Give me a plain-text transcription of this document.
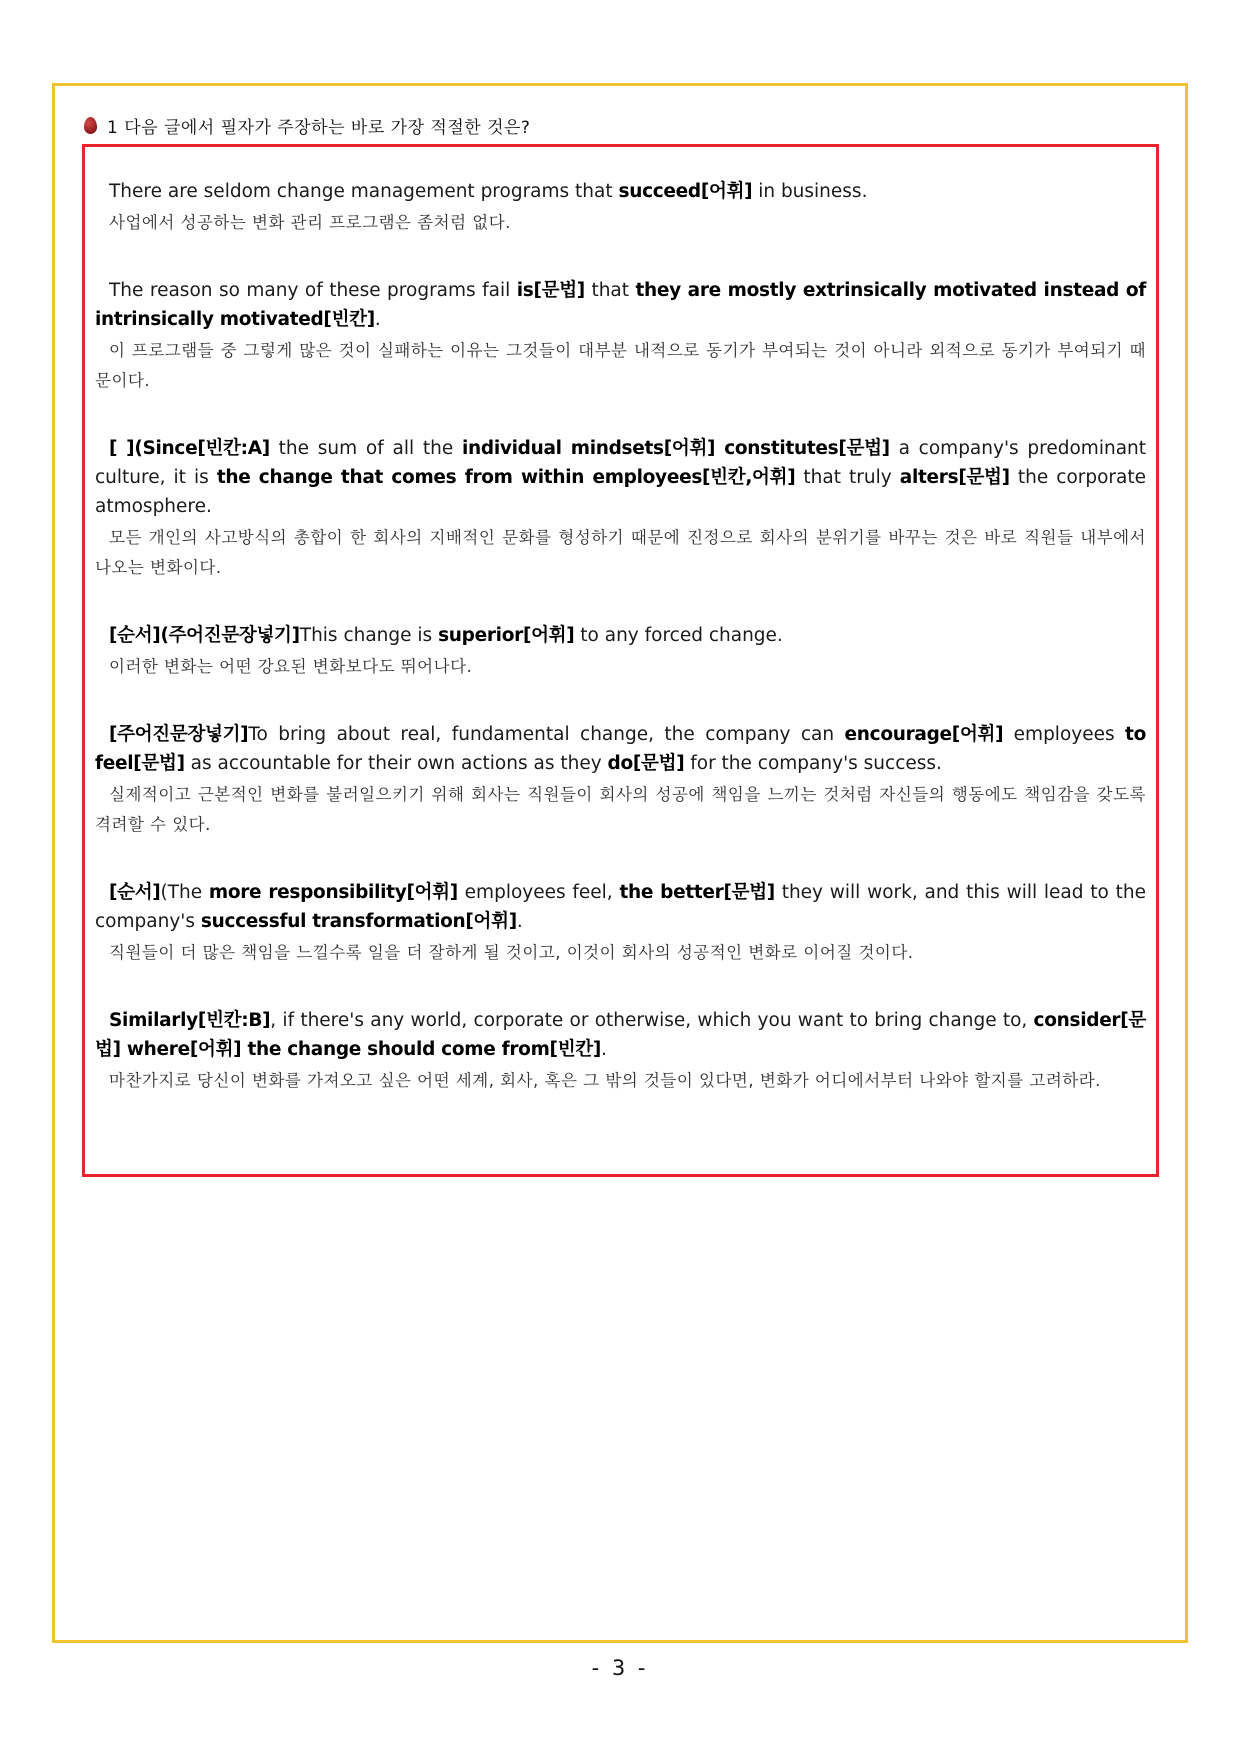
1 다음 글에서 필자가 주장하는 바로 가장 적절한 것은?
There are seldom change management programs that succeed[어휘] in business.
사업에서 성공하는 변화 관리 프로그램은 좀처럼 없다.
The reason so many of these programs fail is[문법] that they are mostly extrinsically motivated instead of intrinsically motivated[빈칸].
이 프로그램들 중 그렇게 많은 것이 실패하는 이유는 그것들이 대부분 내적으로 동기가 부여되는 것이 아니라 외적으로 동기가 부여되기 때문이다.
[ ](Since[빈칸:A] the sum of all the individual mindsets[어휘] constitutes[문법] a company's predominant culture, it is the change that comes from within employees[빈칸,어휘] that truly alters[문법] the corporate atmosphere.
모든 개인의 사고방식의 총합이 한 회사의 지배적인 문화를 형성하기 때문에 진정으로 회사의 분위기를 바꾸는 것은 바로 직원들 내부에서 나오는 변화이다.
[순서](주어진문장넣기]This change is superior[어휘] to any forced change.
이러한 변화는 어떤 강요된 변화보다도 뛰어나다.
[주어진문장넣기]To bring about real, fundamental change, the company can encourage[어휘] employees to feel[문법] as accountable for their own actions as they do[문법] for the company's success.
실제적이고 근본적인 변화를 불러일으키기 위해 회사는 직원들이 회사의 성공에 책임을 느끼는 것처럼 자신들의 행동에도 책임감을 갖도록 격려할 수 있다.
[순서](The more responsibility[어휘] employees feel, the better[문법] they will work, and this will lead to the company's successful transformation[어휘].
직원들이 더 많은 책임을 느낄수록 일을 더 잘하게 될 것이고, 이것이 회사의 성공적인 변화로 이어질 것이다.
Similarly[빈칸:B], if there's any world, corporate or otherwise, which you want to bring change to, consider[문법] where[어휘] the change should come from[빈칸].
마찬가지로 당신이 변화를 가져오고 싶은 어떤 세계, 회사, 혹은 그 밖의 것들이 있다면, 변화가 어디에서부터 나와야 할지를 고려하라.
- 3 -
